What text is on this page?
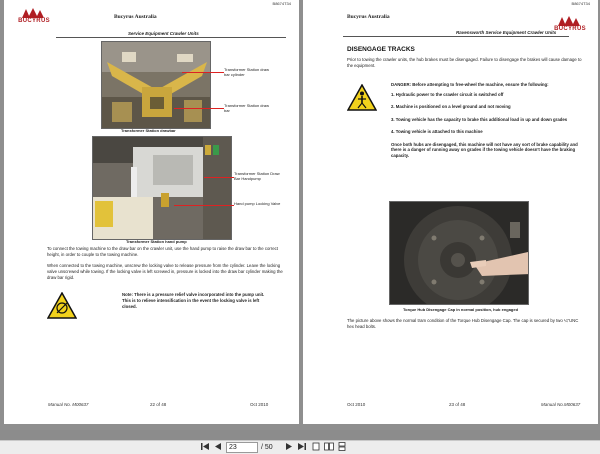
B8674T34
BUCYRUS
Bucyrus Australia
Service Equipment Crawler Units
Transformer Station draw bar cylinder
Transformer Station draw bar
Transformer Station drawbar
Transformer Station Draw Bar Handpump
Hand pump Locking Valve
Transformer Station hand pump
To connect the towing machine to the draw bar on the crawler unit, use the hand pump to raise the draw bar to the correct height, in order to couple to the towing machine.
When connected to the towing machine, unscrew the locking valve to release pressure from the cylinder. Leave the locking valve unscrewed while towing. If the locking valve is left screwed in, pressure is locked into the draw bar cylinder making the draw bar rigid.
Note: There is a pressure relief valve incorporated into the pump unit. This is to relieve intensification in the event the locking valve is left closed.
Manual No. M00637	22 of 48	Oct 2010
B8674T34
Bucyrus Australia
BUCYRUS
Ravensworth Service Equipment Crawler Units
DISENGAGE TRACKS
Prior to towing the crawler units, the hub brakes must be disengaged. Failure to disengage the brakes will cause damage to the equipment.
DANGER: Before attempting to free-wheel the machine, ensure the following:
1. Hydraulic power to the crawler circuit is switched off
2. Machine is positioned on a level ground and not moving
3. Towing vehicle has the capacity to brake this additional load in up and down grades
4. Towing vehicle is attached to this machine
Once both hubs are disengaged, this machine will not have any sort of brake capability and there is a danger of running away on grades if the towing vehicle doesn't have the braking capacity.
Torque Hub Disengage Cap in normal position, hub engaged
The picture above shows the normal tram condition of the Torque Hub Disengage Cap. The cap is secured by two ¼"UNC hex head bolts.
Oct 2010	23 of 48	Manual No.M00637
23	/ 50
